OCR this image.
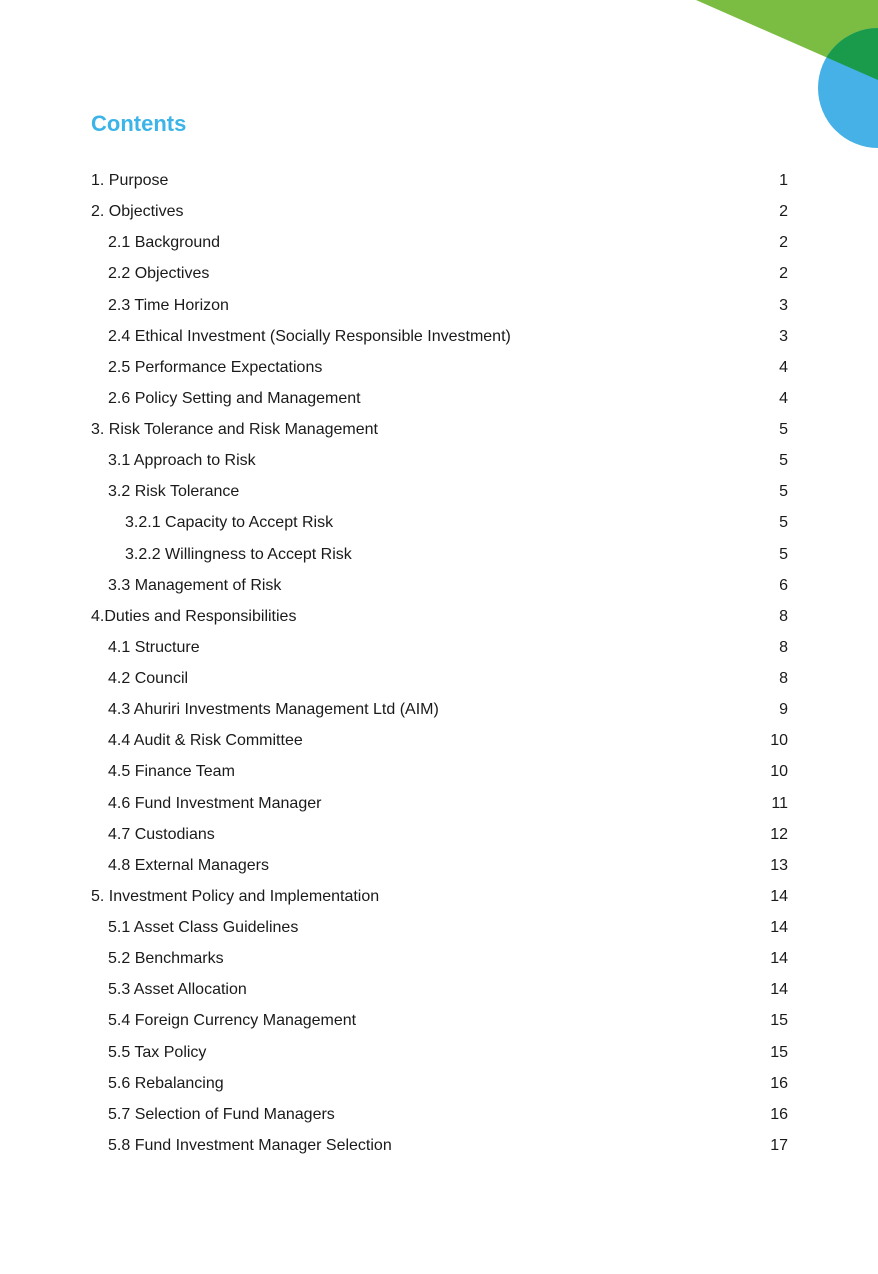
Contents
1. Purpose	1
2. Objectives	2
2.1 Background	2
2.2 Objectives	2
2.3 Time Horizon	3
2.4 Ethical Investment (Socially Responsible Investment)	3
2.5 Performance Expectations	4
2.6 Policy Setting and Management	4
3. Risk Tolerance and Risk Management	5
3.1 Approach to Risk	5
3.2 Risk Tolerance	5
3.2.1 Capacity to Accept Risk	5
3.2.2 Willingness to Accept Risk	5
3.3 Management of Risk	6
4.Duties and Responsibilities	8
4.1 Structure	8
4.2 Council	8
4.3 Ahuriri Investments Management Ltd (AIM)	9
4.4 Audit & Risk Committee	10
4.5 Finance Team	10
4.6 Fund Investment Manager	11
4.7 Custodians	12
4.8 External Managers	13
5. Investment Policy and Implementation	14
5.1 Asset Class Guidelines	14
5.2 Benchmarks	14
5.3 Asset Allocation	14
5.4 Foreign Currency Management	15
5.5 Tax Policy	15
5.6 Rebalancing	16
5.7 Selection of Fund Managers	16
5.8 Fund Investment Manager Selection	17
